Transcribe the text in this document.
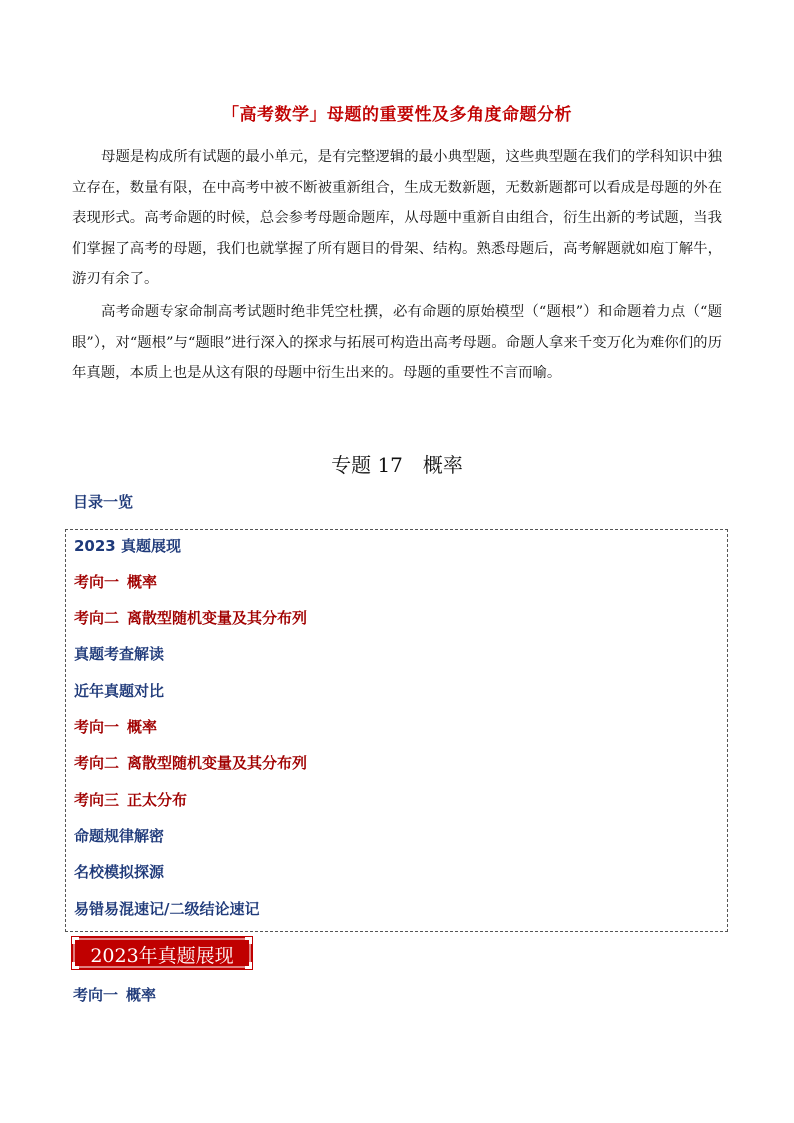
「高考数学」母题的重要性及多角度命题分析
母题是构成所有试题的最小单元，是有完整逻辑的最小典型题，这些典型题在我们的学科知识中独立存在，数量有限，在中高考中被不断被重新组合，生成无数新题，无数新题都可以看成是母题的外在表现形式。高考命题的时候，总会参考母题命题库，从母题中重新自由组合，衍生出新的考试题，当我们掌握了高考的母题，我们也就掌握了所有题目的骨架、结构。熟悉母题后，高考解题就如庖丁解牛，游刃有余了。
高考命题专家命制高考试题时绝非凭空杜撰，必有命题的原始模型（“题根”）和命题着力点（“题眼”），对“题根”与“题眼”进行深入的探求与拓展可构造出高考母题。命题人拿来千变万化为难你们的历年真题，本质上也是从这有限的母题中衍生出来的。母题的重要性不言而喻。
专题 17　概率
目录一览
2023 真题展现
考向一 概率
考向二 离散型随机变量及其分布列
真题考查解读
近年真题对比
考向一 概率
考向二 离散型随机变量及其分布列
考向三 正太分布
命题规律解密
名校模拟探源
易错易混速记/二级结论速记
2023年真题展现
考向一 概率
